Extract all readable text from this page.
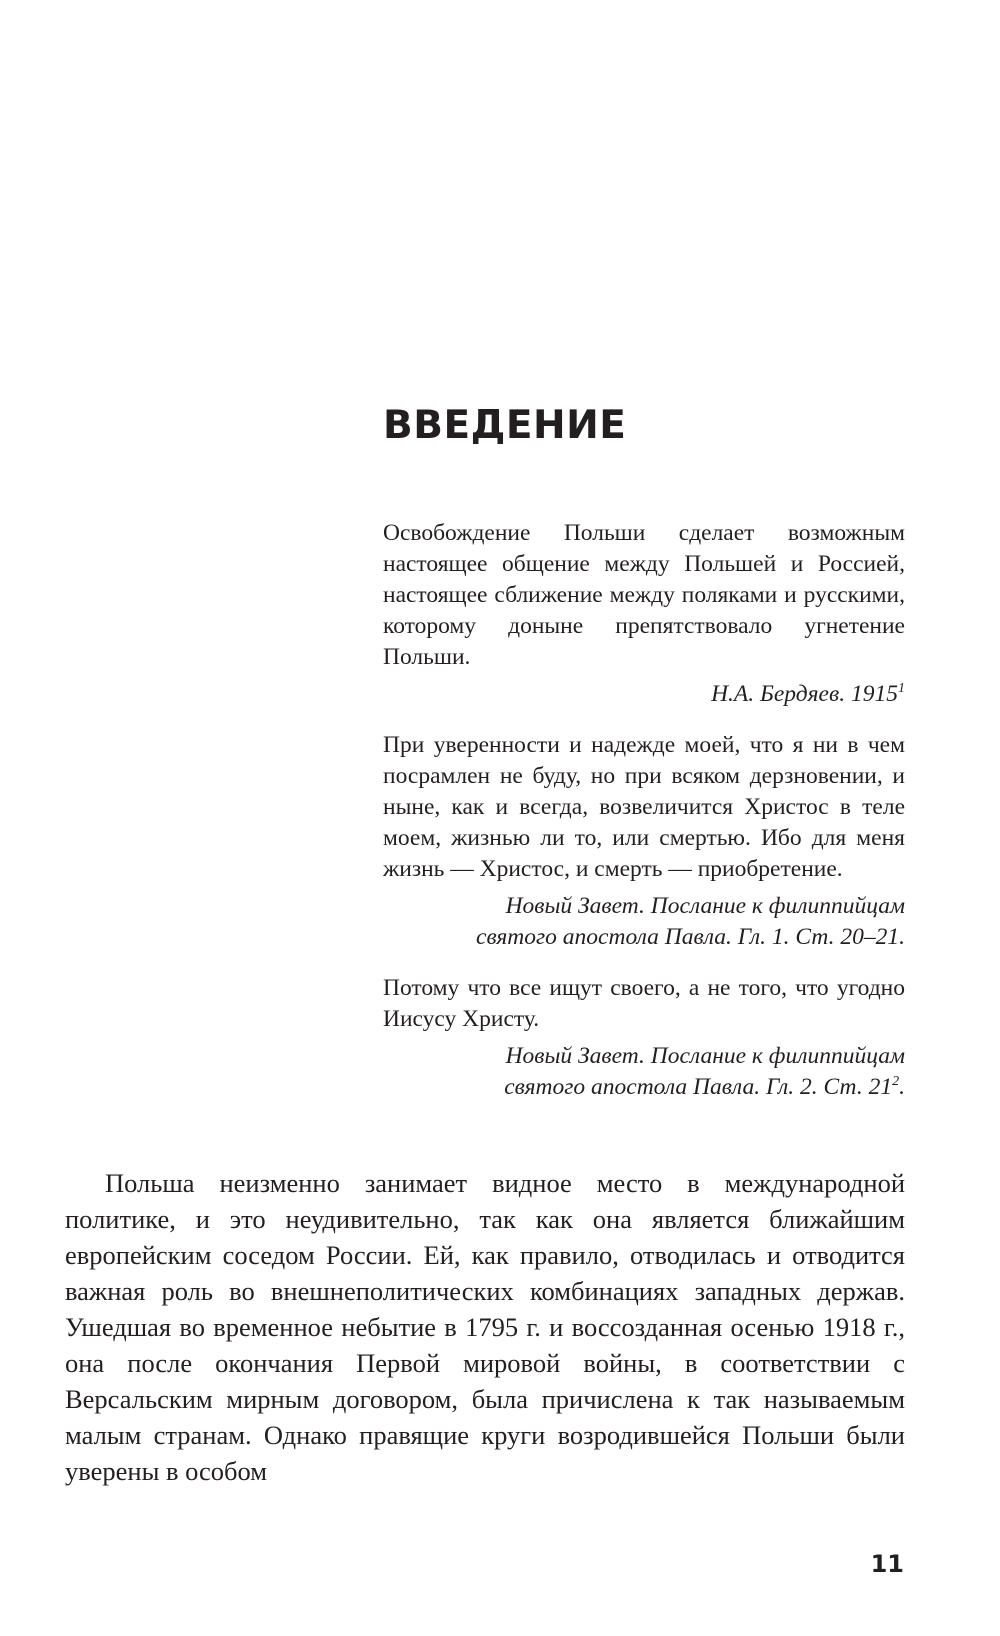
ВВЕДЕНИЕ

Освобождение Польши сделает возможным настоящее общение между Польшей и Россией, настоящее сближение между поляками и русскими, которому доныне препятствовало угнетение Польши.

Н.А. Бердяев. 1915$^1$

При уверенности и надежде моей, что я ни в чем посрамлен не буду, но при всяком дерзновении, и ныне, как и всегда, возвеличится Христос в теле моем, жизнью ли то, или смертью. Ибо для меня жизнь — Христос, и смерть — приобретение.

Новый Завет. Послание к филиппийцам
святого апостола Павла. Гл. 1. Ст. 20–21.

Потому что все ищут своего, а не того, что угодно Иисусу Христу.

Новый Завет. Послание к филиппийцам
святого апостола Павла. Гл. 2. Ст. $21^2$.

Польша неизменно занимает видное место в международной политике, и это неудивительно, так как она является ближайшим европейским соседом России. Ей, как правило, отводилась и отводится важная роль во внешнеполитических комбинациях западных держав. Ушедшая во временное небытие в 1795 г. и воссозданная осенью 1918 г., она после окончания Первой мировой войны, в соответствии с Версальским мирным договором, была причислена к так называемым малым странам. Однако правящие круги возродившейся Польши были уверены в особом

11
